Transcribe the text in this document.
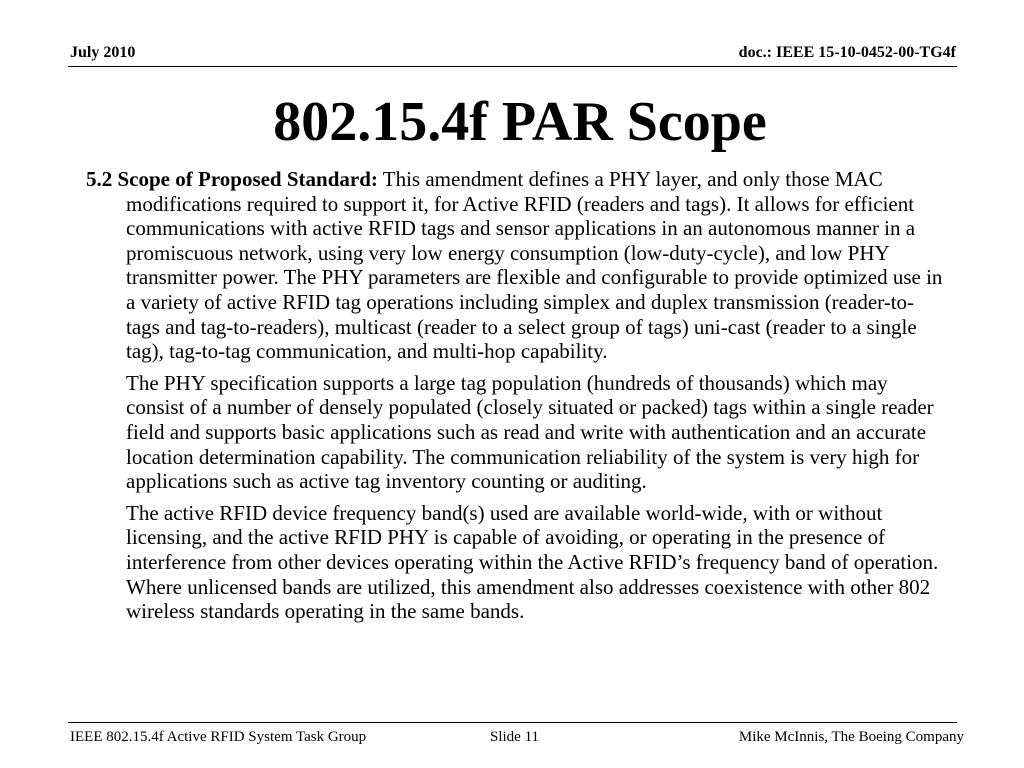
July 2010	doc.: IEEE 15-10-0452-00-TG4f
802.15.4f PAR Scope

5.2 Scope of Proposed Standard: This amendment defines a PHY layer, and only those MAC modifications required to support it, for Active RFID (readers and tags). It allows for efficient communications with active RFID tags and sensor applications in an autonomous manner in a promiscuous network, using very low energy consumption (low-duty-cycle), and low PHY transmitter power. The PHY parameters are flexible and configurable to provide optimized use in a variety of active RFID tag operations including simplex and duplex transmission (reader-to-tags and tag-to-readers), multicast (reader to a select group of tags) uni-cast (reader to a single tag), tag-to-tag communication, and multi-hop capability.

The PHY specification supports a large tag population (hundreds of thousands) which may consist of a number of densely populated (closely situated or packed) tags within a single reader field and supports basic applications such as read and write with authentication and an accurate location determination capability. The communication reliability of the system is very high for applications such as active tag inventory counting or auditing.

The active RFID device frequency band(s) used are available world-wide, with or without licensing, and the active RFID PHY is capable of avoiding, or operating in the presence of interference from other devices operating within the Active RFID’s frequency band of operation. Where unlicensed bands are utilized, this amendment also addresses coexistence with other 802 wireless standards operating in the same bands.

IEEE 802.15.4f Active RFID System Task Group	Slide 11	Mike McInnis, The Boeing Company
